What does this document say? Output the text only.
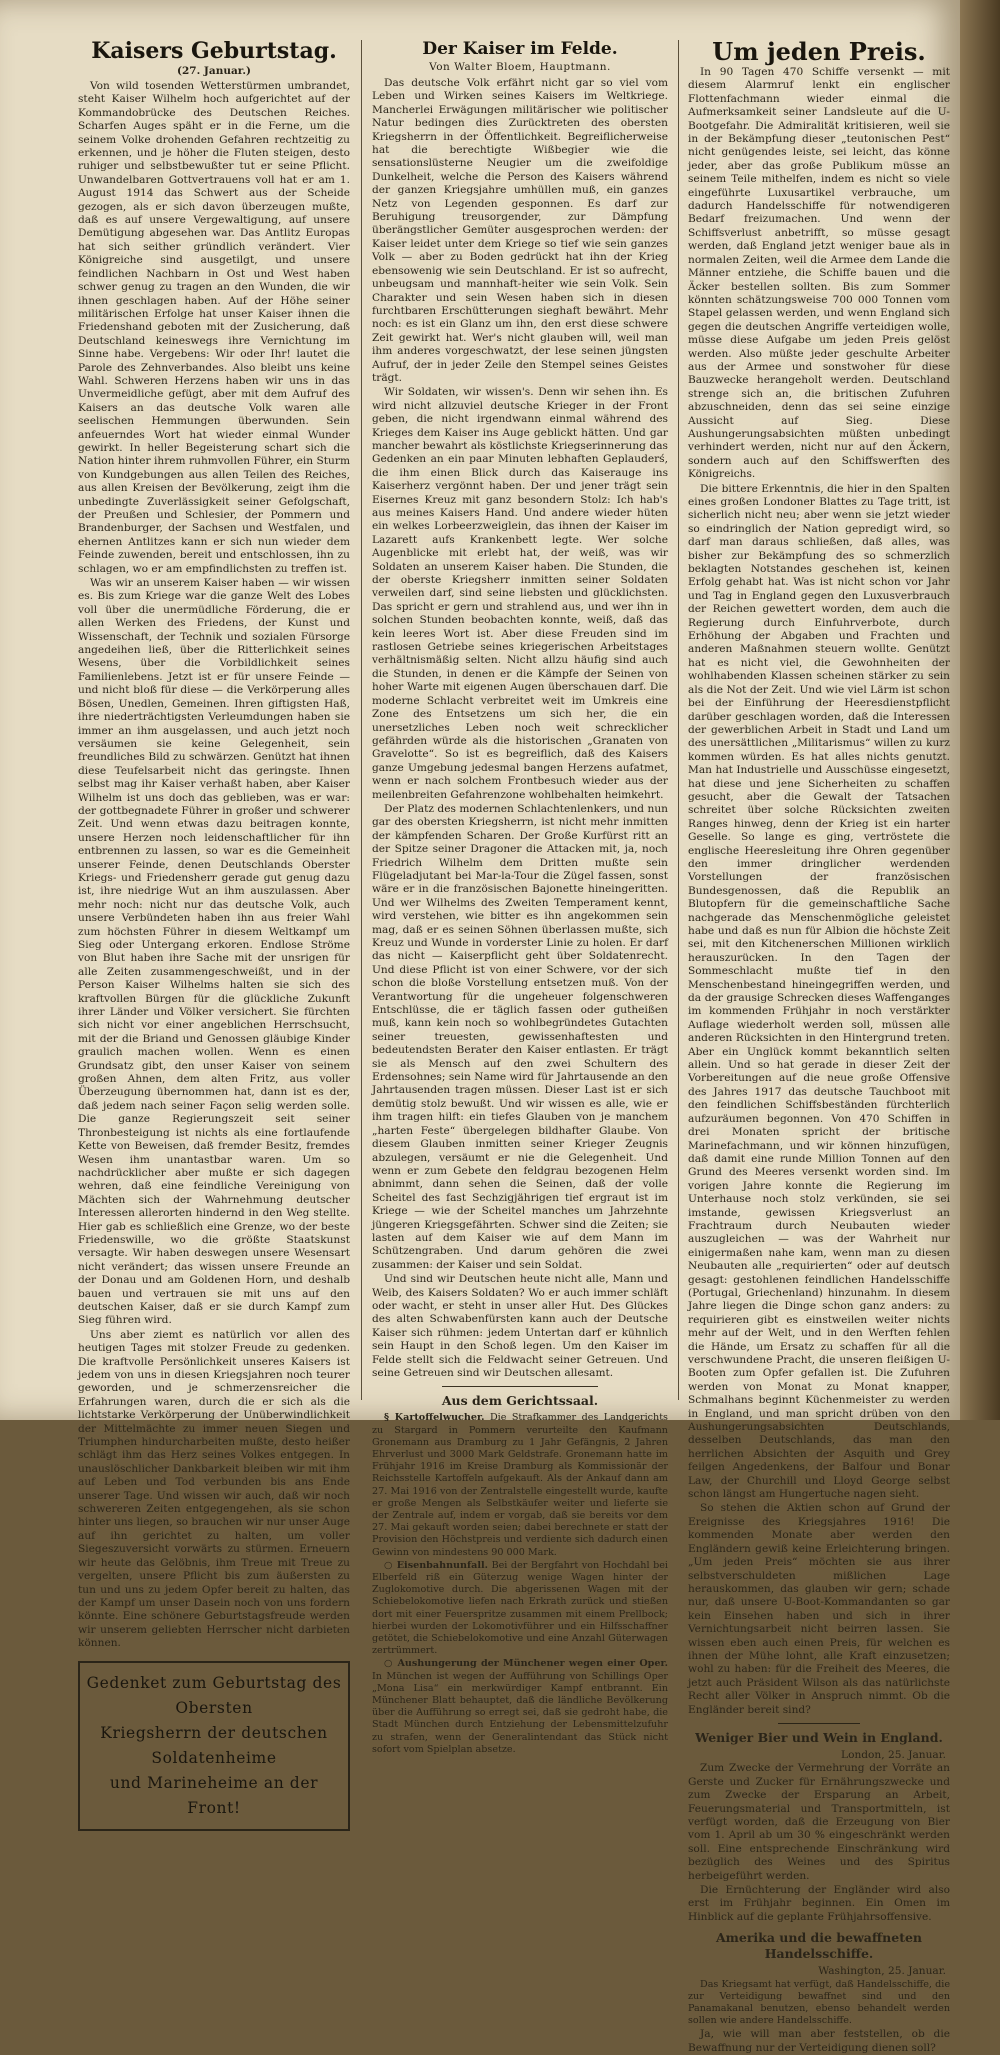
Kaisers Geburtstag.

(27. Januar.)

Von wild tosenden Wetterstürmen umbrandet, steht Kaiser Wilhelm hoch aufgerichtet auf der Kommandobrücke des Deutschen Reiches. Scharfen Auges späht er in die Ferne, um die seinem Volke drohenden Gefahren rechtzeitig zu erkennen, und je höher die Fluten steigen, desto ruhiger und selbstbewußter tut er seine Pflicht. Unwandelbaren Gottvertrauens voll hat er am 1. August 1914 das Schwert aus der Scheide gezogen, als er sich davon überzeugen mußte, daß es auf unsere Vergewaltigung, auf unsere Demütigung abgesehen war. Das Antlitz Europas hat sich seither gründlich verändert. Vier Königreiche sind ausgetilgt, und unsere feindlichen Nachbarn in Ost und West haben schwer genug zu tragen an den Wunden, die wir ihnen geschlagen haben. Auf der Höhe seiner militärischen Erfolge hat unser Kaiser ihnen die Friedenshand geboten mit der Zusicherung, daß Deutschland keineswegs ihre Vernichtung im Sinne habe. Vergebens: Wir oder Ihr! lautet die Parole des Zehnverbandes. Also bleibt uns keine Wahl. Schweren Herzens haben wir uns in das Unvermeidliche gefügt, aber mit dem Aufruf des Kaisers an das deutsche Volk waren alle seelischen Hemmungen überwunden. Sein anfeuerndes Wort hat wieder einmal Wunder gewirkt. In heller Begeisterung schart sich die Nation hinter ihrem ruhmvollen Führer, ein Sturm von Kundgebungen aus allen Teilen des Reiches, aus allen Kreisen der Bevölkerung, zeigt ihm die unbedingte Zuverlässigkeit seiner Gefolgschaft, der Preußen und Schlesier, der Pommern und Brandenburger, der Sachsen und Westfalen, und ehernen Antlitzes kann er sich nun wieder dem Feinde zuwenden, bereit und entschlossen, ihn zu schlagen, wo er am empfindlichsten zu treffen ist.

Was wir an unserem Kaiser haben — wir wissen es. Bis zum Kriege war die ganze Welt des Lobes voll über die unermüdliche Förderung, die er allen Werken des Friedens, der Kunst und Wissenschaft, der Technik und sozialen Fürsorge angedeihen ließ, über die Ritterlichkeit seines Wesens, über die Vorbildlichkeit seines Familienlebens. Jetzt ist er für unsere Feinde — und nicht bloß für diese — die Verkörperung alles Bösen, Unedlen, Gemeinen. Ihren giftigsten Haß, ihre niederträchtigsten Verleumdungen haben sie immer an ihm ausgelassen, und auch jetzt noch versäumen sie keine Gelegenheit, sein freundliches Bild zu schwärzen. Genützt hat ihnen diese Teufelsarbeit nicht das geringste. Ihnen selbst mag ihr Kaiser verhaßt haben, aber Kaiser Wilhelm ist uns doch das geblieben, was er war: der gottbegnadete Führer in großer und schwerer Zeit. Und wenn etwas dazu beitragen konnte, unsere Herzen noch leidenschaftlicher für ihn entbrennen zu lassen, so war es die Gemeinheit unserer Feinde, denen Deutschlands Oberster Kriegs- und Friedensherr gerade gut genug dazu ist, ihre niedrige Wut an ihm auszulassen. Aber mehr noch: nicht nur das deutsche Volk, auch unsere Verbündeten haben ihn aus freier Wahl zum höchsten Führer in diesem Weltkampf um Sieg oder Untergang erkoren. Endlose Ströme von Blut haben ihre Sache mit der unsrigen für alle Zeiten zusammengeschweißt, und in der Person Kaiser Wilhelms halten sie sich des kraftvollen Bürgen für die glückliche Zukunft ihrer Länder und Völker versichert. Sie fürchten sich nicht vor einer angeblichen Herrschsucht, mit der die Briand und Genossen gläubige Kinder graulich machen wollen. Wenn es einen Grundsatz gibt, den unser Kaiser von seinem großen Ahnen, dem alten Fritz, aus voller Überzeugung übernommen hat, dann ist es der, daß jedem nach seiner Façon selig werden solle. Die ganze Regierungszeit seit seiner Thronbesteigung ist nichts als eine fortlaufende Kette von Beweisen, daß fremder Besitz, fremdes Wesen ihm unantastbar waren. Um so nachdrücklicher aber mußte er sich dagegen wehren, daß eine feindliche Vereinigung von Mächten sich der Wahrnehmung deutscher Interessen allerorten hindernd in den Weg stellte. Hier gab es schließlich eine Grenze, wo der beste Friedenswille, wo die größte Staatskunst versagte. Wir haben deswegen unsere Wesensart nicht verändert; das wissen unsere Freunde an der Donau und am Goldenen Horn, und deshalb bauen und vertrauen sie mit uns auf den deutschen Kaiser, daß er sie durch Kampf zum Sieg führen wird.

Uns aber ziemt es natürlich vor allen des heutigen Tages mit stolzer Freude zu gedenken. Die kraftvolle Persönlichkeit unseres Kaisers ist jedem von uns in diesen Kriegsjahren noch teurer geworden, und je schmerzensreicher die Erfahrungen waren, durch die er sich als die lichtstarke Verkörperung der Unüberwindlichkeit der Mittelmächte zu immer neuen Siegen und Triumphen hindurcharbeiten mußte, desto heißer schlägt ihm das Herz seines Volkes entgegen. In unauslöschlicher Dankbarkeit bleiben wir mit ihm auf Leben und Tod verbunden bis ans Ende unserer Tage. Und wissen wir auch, daß wir noch schwereren Zeiten entgegengehen, als sie schon hinter uns liegen, so brauchen wir nur unser Auge auf ihn gerichtet zu halten, um voller Siegeszuversicht vorwärts zu stürmen. Erneuern wir heute das Gelöbnis, ihm Treue mit Treue zu vergelten, unsere Pflicht bis zum äußersten zu tun und uns zu jedem Opfer bereit zu halten, das der Kampf um unser Dasein noch von uns fordern könnte. Eine schönere Geburtstagsfreude werden wir unserem geliebten Herrscher nicht darbieten können.

Gedenket zum Geburtstag des Obersten
Kriegsherrn der deutschen Soldatenheime
und Marineheime an der Front!
Der Kaiser im Felde.

Von Walter Bloem, Hauptmann.

Das deutsche Volk erfährt nicht gar so viel vom Leben und Wirken seines Kaisers im Weltkriege. Mancherlei Erwägungen militärischer wie politischer Natur bedingen dies Zurücktreten des obersten Kriegsherrn in der Öffentlichkeit. Begreiflicherweise hat die berechtigte Wißbegier wie die sensationslüsterne Neugier um die zweifoldige Dunkelheit, welche die Person des Kaisers während der ganzen Kriegsjahre umhüllen muß, ein ganzes Netz von Legenden gesponnen. Es darf zur Beruhigung treusorgender, zur Dämpfung überängstlicher Gemüter ausgesprochen werden: der Kaiser leidet unter dem Kriege so tief wie sein ganzes Volk — aber zu Boden gedrückt hat ihn der Krieg ebensowenig wie sein Deutschland. Er ist so aufrecht, unbeugsam und mannhaft-heiter wie sein Volk. Sein Charakter und sein Wesen haben sich in diesen furchtbaren Erschütterungen sieghaft bewährt. Mehr noch: es ist ein Glanz um ihn, den erst diese schwere Zeit gewirkt hat. Wer's nicht glauben will, weil man ihm anderes vorgeschwatzt, der lese seinen jüngsten Aufruf, der in jeder Zeile den Stempel seines Geistes trägt.

Wir Soldaten, wir wissen's. Denn wir sehen ihn. Es wird nicht allzuviel deutsche Krieger in der Front geben, die nicht irgendwann einmal während des Krieges dem Kaiser ins Auge geblickt hätten. Und gar mancher bewahrt als köstlichste Kriegserinnerung das Gedenken an ein paar Minuten lebhaften Geplauderś, die ihm einen Blick durch das Kaiserauge ins Kaiserherz vergönnt haben. Der und jener trägt sein Eisernes Kreuz mit ganz besondern Stolz: Ich hab's aus meines Kaisers Hand. Und andere wieder hüten ein welkes Lorbeerzweiglein, das ihnen der Kaiser im Lazarett aufs Krankenbett legte. Wer solche Augenblicke mit erlebt hat, der weiß, was wir Soldaten an unserem Kaiser haben. Die Stunden, die der oberste Kriegsherr inmitten seiner Soldaten verweilen darf, sind seine liebsten und glücklichsten. Das spricht er gern und strahlend aus, und wer ihn in solchen Stunden beobachten konnte, weiß, daß das kein leeres Wort ist. Aber diese Freuden sind im rastlosen Getriebe seines kriegerischen Arbeitstages verhältnismäßig selten. Nicht allzu häufig sind auch die Stunden, in denen er die Kämpfe der Seinen von hoher Warte mit eigenen Augen überschauen darf. Die moderne Schlacht verbreitet weit im Umkreis eine Zone des Entsetzens um sich her, die ein unersetzliches Leben noch weit schrecklicher gefährden würde als die historischen „Granaten von Gravelotte“. So ist es begreiflich, daß des Kaisers ganze Umgebung jedesmal bangen Herzens aufatmet, wenn er nach solchem Frontbesuch wieder aus der meilenbreiten Gefahrenzone wohlbehalten heimkehrt.

Der Platz des modernen Schlachtenlenkers, und nun gar des obersten Kriegsherrn, ist nicht mehr inmitten der kämpfenden Scharen. Der Große Kurfürst ritt an der Spitze seiner Dragoner die Attacken mit, ja, noch Friedrich Wilhelm dem Dritten mußte sein Flügeladjutant bei Mar-la-Tour die Zügel fassen, sonst wäre er in die französischen Bajonette hineingeritten. Und wer Wilhelms des Zweiten Temperament kennt, wird verstehen, wie bitter es ihn angekommen sein mag, daß er es seinen Söhnen überlassen mußte, sich Kreuz und Wunde in vorderster Linie zu holen. Er darf das nicht — Kaiserpflicht geht über Soldatenrecht. Und diese Pflicht ist von einer Schwere, vor der sich schon die bloße Vorstellung entsetzen muß. Von der Verantwortung für die ungeheuer folgenschweren Entschlüsse, die er täglich fassen oder gutheißen muß, kann kein noch so wohlbegründetes Gutachten seiner treuesten, gewissenhaftesten und bedeutendsten Berater den Kaiser entlasten. Er trägt sie als Mensch auf den zwei Schultern des Erdensohnes; sein Name wird für Jahrtausende an den Jahrtausenden tragen müssen. Dieser Last ist er sich demütig stolz bewußt. Und wir wissen es alle, wie er ihm tragen hilft: ein tiefes Glauben von je manchem „harten Feste“ übergelegen bildhafter Glaube. Von diesem Glauben inmitten seiner Krieger Zeugnis abzulegen, versäumt er nie die Gelegenheit. Und wenn er zum Gebete den feldgrau bezogenen Helm abnimmt, dann sehen die Seinen, daß der volle Scheitel des fast Sechzigjährigen tief ergraut ist im Kriege — wie der Scheitel manches um Jahrzehnte jüngeren Kriegsgefährten. Schwer sind die Zeiten; sie lasten auf dem Kaiser wie auf dem Mann im Schützengraben. Und darum gehören die zwei zusammen: der Kaiser und sein Soldat.

Und sind wir Deutschen heute nicht alle, Mann und Weib, des Kaisers Soldaten? Wo er auch immer schläft oder wacht, er steht in unser aller Hut. Des Glückes des alten Schwabenfürsten kann auch der Deutsche Kaiser sich rühmen: jedem Untertan darf er kühnlich sein Haupt in den Schoß legen. Um den Kaiser im Felde stellt sich die Feldwacht seiner Getreuen. Und seine Getreuen sind wir Deutschen allesamt.

Aus dem Gerichtssaal.

§ Kartoffelwucher. Die Strafkammer des Landgerichts zu Stargard in Pommern verurteilte den Kaufmann Gronemann aus Dramburg zu 1 Jahr Gefängnis, 2 Jahren Ehrverlust und 3000 Mark Geldstrafe. Gronemann hatte im Frühjahr 1916 im Kreise Dramburg als Kommissionär der Reichsstelle Kartoffeln aufgekauft. Als der Ankauf dann am 27. Mai 1916 von der Zentralstelle eingestellt wurde, kaufte er große Mengen als Selbstkäufer weiter und lieferte sie der Zentrale auf, indem er vorgab, daß sie bereits vor dem 27. Mai gekauft worden seien; dabei berechnete er statt der Provision den Höchstpreis und verdiente sich dadurch einen Gewinn von mindestens 90 000 Mark.

○ Eisenbahnunfall. Bei der Bergfahrt von Hochdahl bei Elberfeld riß ein Güterzug wenige Wagen hinter der Zuglokomotive durch. Die abgerissenen Wagen mit der Schiebelokomotive liefen nach Erkrath zurück und stießen dort mit einer Feuerspritze zusammen mit einem Prellbock; hierbei wurden der Lokomotivführer und ein Hilfsschaffner getötet, die Schiebelokomotive und eine Anzahl Güterwagen zertrümmert.

○ Aushungerung der Münchener wegen einer Oper. In München ist wegen der Aufführung von Schillings Oper „Mona Lisa“ ein merkwürdiger Kampf entbrannt. Ein Münchener Blatt behauptet, daß die ländliche Bevölkerung über die Aufführung so erregt sei, daß sie gedroht habe, die Stadt München durch Entziehung der Lebensmittelzufuhr zu strafen, wenn der Generalintendant das Stück nicht sofort vom Spielplan absetze.

Um jeden Preis.

In 90 Tagen 470 Schiffe versenkt — mit diesem Alarmruf lenkt ein englischer Flottenfachmann wieder einmal die Aufmerksamkeit seiner Landsleute auf die U-Bootgefahr. Die Admiralität kritisieren, weil sie in der Bekämpfung dieser „teutonischen Pest“ nicht genügendes leiste, sei leicht, das könne jeder, aber das große Publikum müsse an seinem Teile mithelfen, indem es nicht so viele eingeführte Luxusartikel verbrauche, um dadurch Handelsschiffe für notwendigeren Bedarf freizumachen. Und wenn der Schiffsverlust anbetrifft, so müsse gesagt werden, daß England jetzt weniger baue als in normalen Zeiten, weil die Armee dem Lande die Männer entziehe, die Schiffe bauen und die Äcker bestellen sollten. Bis zum Sommer könnten schätzungsweise 700 000 Tonnen vom Stapel gelassen werden, und wenn England sich gegen die deutschen Angriffe verteidigen wolle, müsse diese Aufgabe um jeden Preis gelöst werden. Also müßte jeder geschulte Arbeiter aus der Armee und sonstwoher für diese Bauzwecke herangeholt werden. Deutschland strenge sich an, die britischen Zufuhren abzuschneiden, denn das sei seine einzige Aussicht auf Sieg. Diese Aushungerungsabsichten müßten unbedingt verhindert werden, nicht nur auf den Äckern, sondern auch auf den Schiffswerften des Königreichs.

Die bittere Erkenntnis, die hier in den Spalten eines großen Londoner Blattes zu Tage tritt, ist sicherlich nicht neu; aber wenn sie jetzt wieder so eindringlich der Nation gepredigt wird, so darf man daraus schließen, daß alles, was bisher zur Bekämpfung des so schmerzlich beklagten Notstandes geschehen ist, keinen Erfolg gehabt hat. Was ist nicht schon vor Jahr und Tag in England gegen den Luxusverbrauch der Reichen gewettert worden, dem auch die Regierung durch Einfuhrverbote, durch Erhöhung der Abgaben und Frachten und anderen Maßnahmen steuern wollte. Genützt hat es nicht viel, die Gewohnheiten der wohlhabenden Klassen scheinen stärker zu sein als die Not der Zeit. Und wie viel Lärm ist schon bei der Einführung der Heeresdienstpflicht darüber geschlagen worden, daß die Interessen der gewerblichen Arbeit in Stadt und Land um des unersättlichen „Militarismus“ willen zu kurz kommen würden. Es hat alles nichts genutzt. Man hat Industrielle und Ausschüsse eingesetzt, hat diese und jene Sicherheiten zu schaffen gesucht, aber die Gewalt der Tatsachen schreitet über solche Rücksichten zweiten Ranges hinweg, denn der Krieg ist ein harter Geselle. So lange es ging, vertröstete die englische Heeresleitung ihre Ohren gegenüber den immer dringlicher werdenden Vorstellungen der französischen Bundesgenossen, daß die Republik an Blutopfern für die gemeinschaftliche Sache nachgerade das Menschenmögliche geleistet habe und daß es nun für Albion die höchste Zeit sei, mit den Kitchenerschen Millionen wirklich herauszurücken. In den Tagen der Sommeschlacht mußte tief in den Menschenbestand hineingegriffen werden, und da der grausige Schrecken dieses Waffenganges im kommenden Frühjahr in noch verstärkter Auflage wiederholt werden soll, müssen alle anderen Rücksichten in den Hintergrund treten. Aber ein Unglück kommt bekanntlich selten allein. Und so hat gerade in dieser Zeit der Vorbereitungen auf die neue große Offensive des Jahres 1917 das deutsche Tauchboot mit den feindlichen Schiffsbeständen fürchterlich aufzuräumen begonnen. Von 470 Schiffen in drei Monaten spricht der britische Marinefachmann, und wir können hinzufügen, daß damit eine runde Million Tonnen auf den Grund des Meeres versenkt worden sind. Im vorigen Jahre konnte die Regierung im Unterhause noch stolz verkünden, sie sei imstande, gewissen Kriegsverlust an Frachtraum durch Neubauten wieder auszugleichen — was der Wahrheit nur einigermaßen nahe kam, wenn man zu diesen Neubauten alle „requirierten“ oder auf deutsch gesagt: gestohlenen feindlichen Handelsschiffe (Portugal, Griechenland) hinzunahm. In diesem Jahre liegen die Dinge schon ganz anders: zu requirieren gibt es einstweilen weiter nichts mehr auf der Welt, und in den Werften fehlen die Hände, um Ersatz zu schaffen für all die verschwundene Pracht, die unseren fleißigen U-Booten zum Opfer gefallen ist. Die Zufuhren werden von Monat zu Monat knapper, Schmalhans beginnt Küchenmeister zu werden in England, und man spricht drüben von den Aushungerungsabsichten Deutschlands, desselben Deutschlands, das man den herrlichen Absichten der Asquith und Grey feilgen Angedenkens, der Balfour und Bonar Law, der Churchill und Lloyd George selbst schon längst am Hungertuche nagen sieht.

So stehen die Aktien schon auf Grund der Ereignisse des Kriegsjahres 1916! Die kommenden Monate aber werden den Engländern gewiß keine Erleichterung bringen. „Um jeden Preis“ möchten sie aus ihrer selbstverschuldeten mißlichen Lage herauskommen, das glauben wir gern; schade nur, daß unsere U-Boot-Kommandanten so gar kein Einsehen haben und sich in ihrer Vernichtungsarbeit nicht beirren lassen. Sie wissen eben auch einen Preis, für welchen es ihnen der Mühe lohnt, alle Kraft einzusetzen; wohl zu haben: für die Freiheit des Meeres, die jetzt auch Präsident Wilson als das natürlichste Recht aller Völker in Anspruch nimmt. Ob die Engländer bereit sind?

Weniger Bier und Wein in England.

London, 25. Januar.

Zum Zwecke der Vermehrung der Vorräte an Gerste und Zucker für Ernährungszwecke und zum Zwecke der Ersparung an Arbeit, Feuerungsmaterial und Transportmitteln, ist verfügt worden, daß die Erzeugung von Bier vom 1. April ab um 30 % eingeschränkt werden soll. Eine entsprechende Einschränkung wird bezüglich des Weines und des Spiritus herbeigeführt werden.

Die Ernüchterung der Engländer wird also erst im Frühjahr beginnen. Ein Omen im Hinblick auf die geplante Frühjahrsoffensive.

Amerika und die bewaffneten Handelsschiffe.

Washington, 25. Januar.

Das Kriegsamt hat verfügt, daß Handelsschiffe, die zur Verteidigung bewaffnet sind und den Panamakanal benutzen, ebenso behandelt werden sollen wie andere Handelsschiffe.

Ja, wie will man aber feststellen, ob die Bewaffnung nur der Verteidigung dienen soll?
